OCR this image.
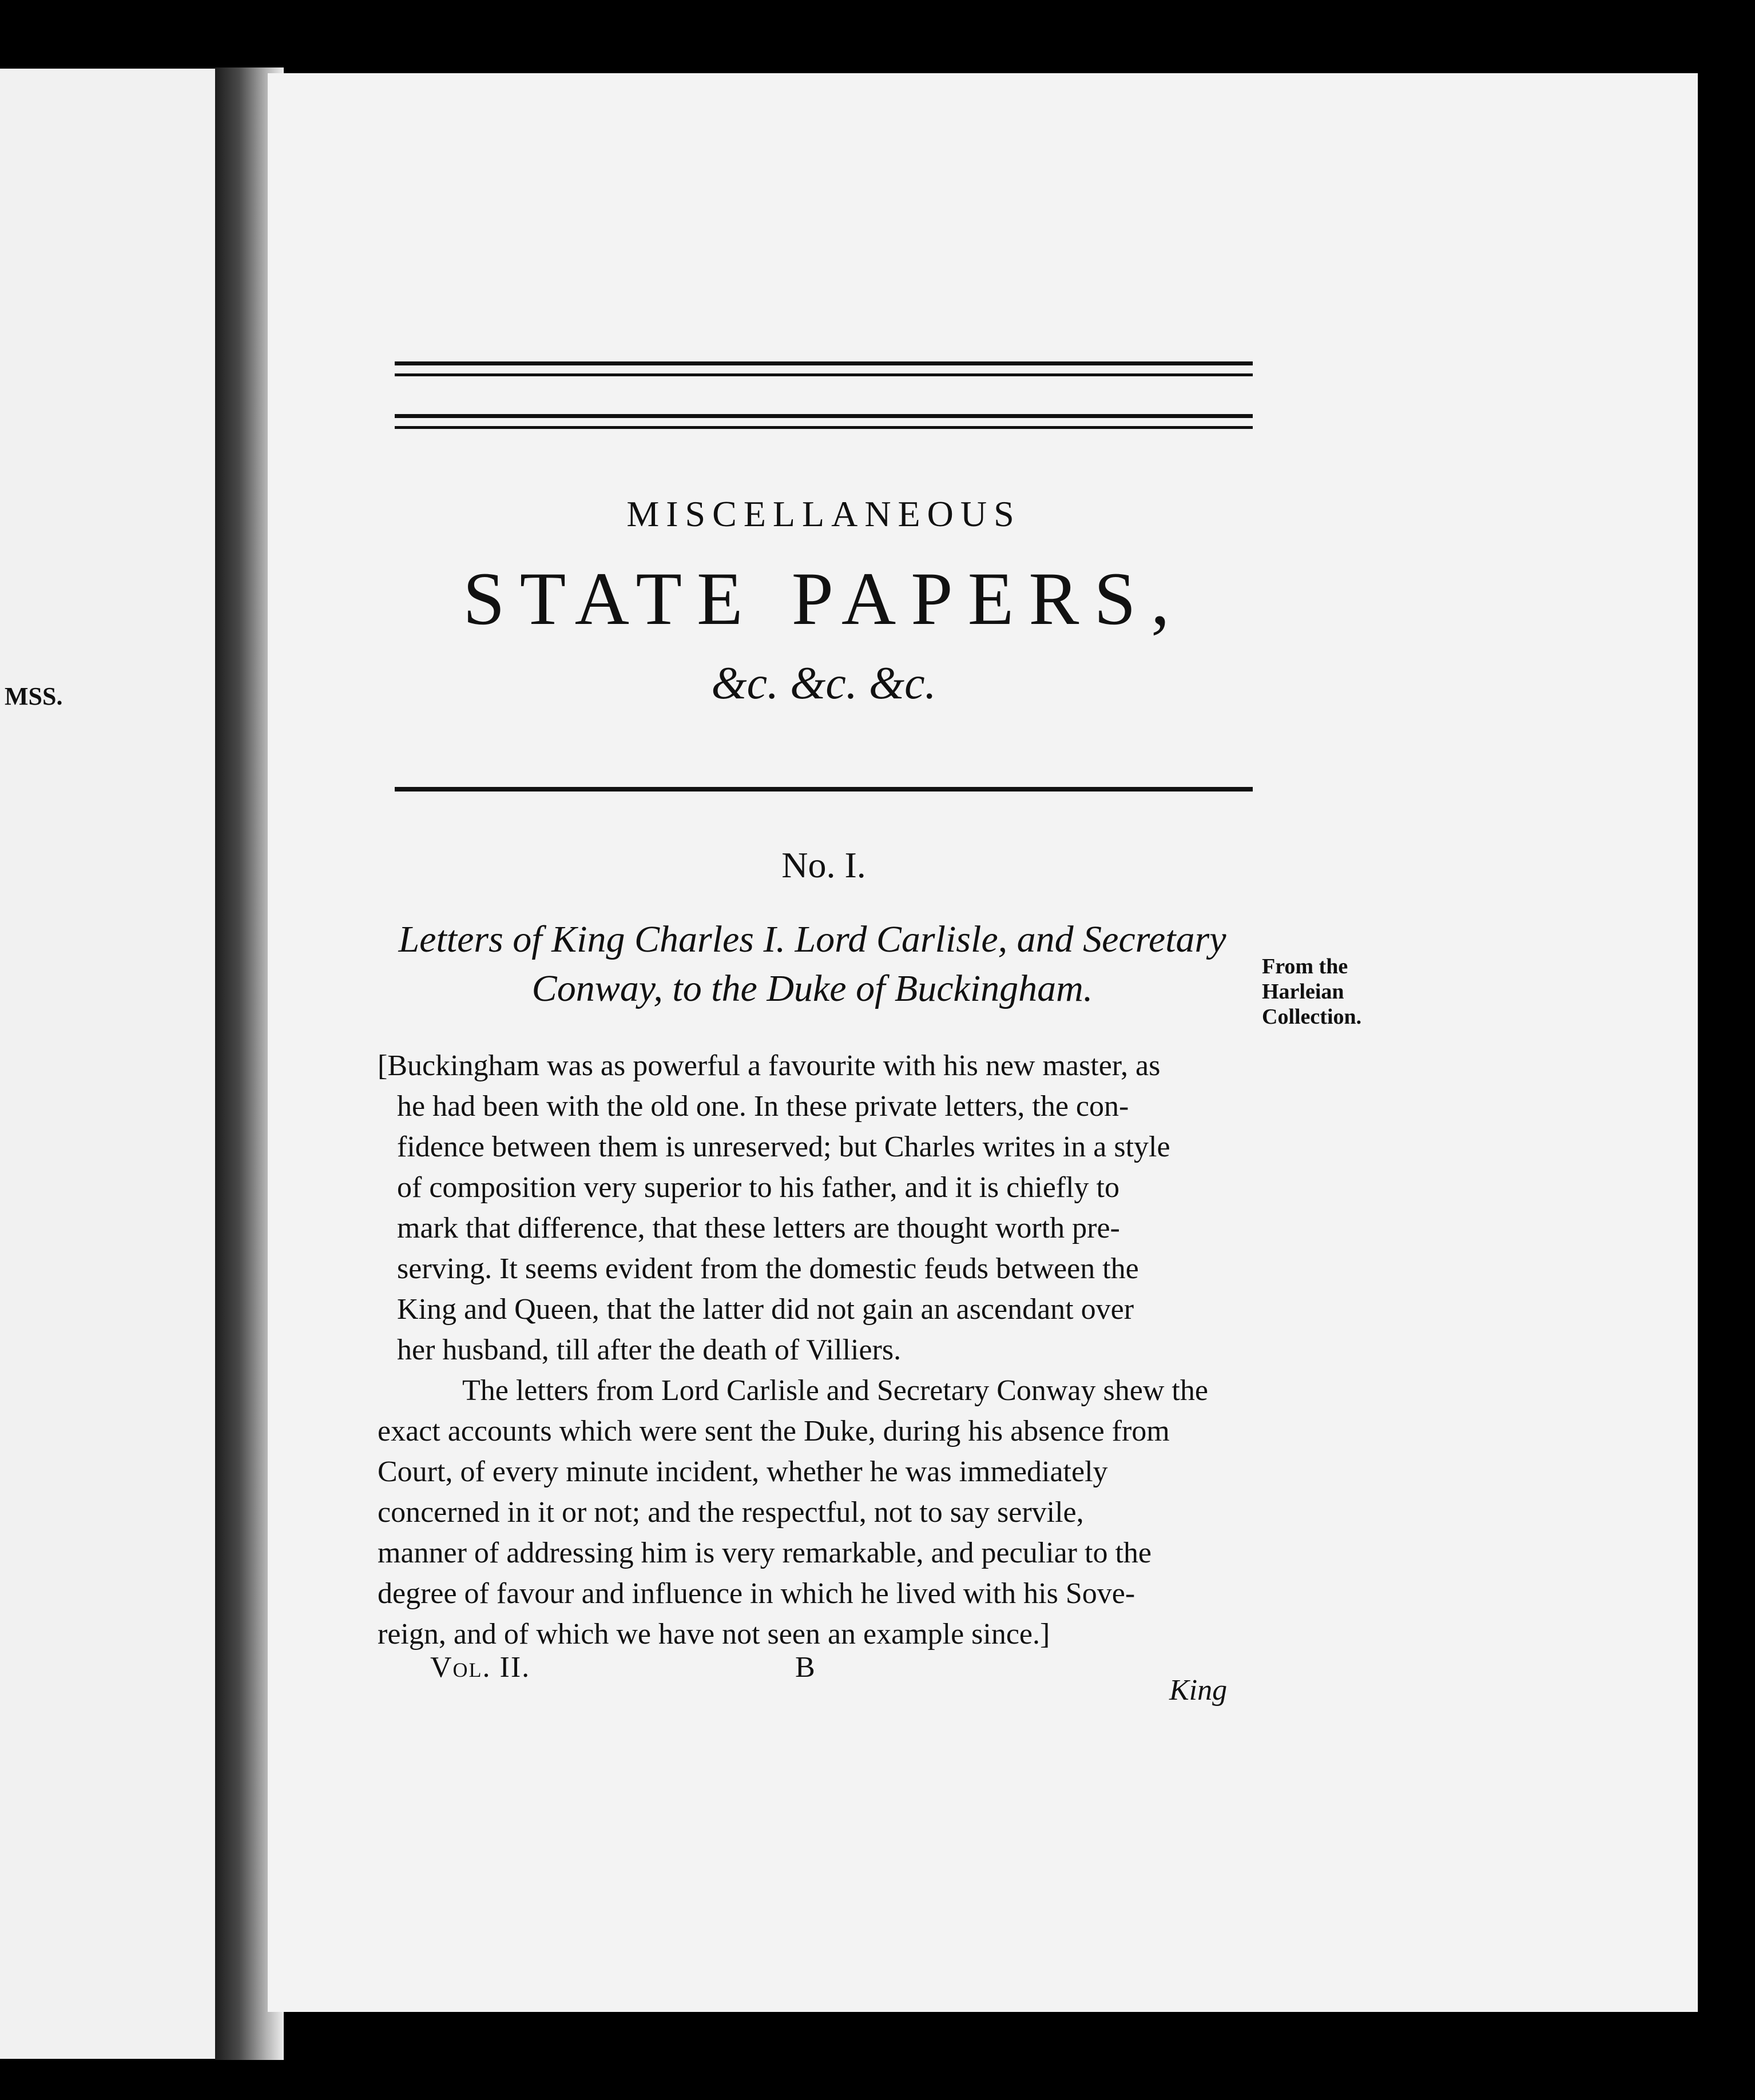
MSS.
MISCELLANEOUS
STATE PAPERS,
&c. &c. &c.
No. I.
Letters of King Charles I. Lord Carlisle, and Secretary
Conway, to the Duke of Buckingham.
From the
Harleian
Collection.
[Buckingham was as powerful a favourite with his new master, as
he had been with the old one. In these private letters, the con-
fidence between them is unreserved; but Charles writes in a style
of composition very superior to his father, and it is chiefly to
mark that difference, that these letters are thought worth pre-
serving. It seems evident from the domestic feuds between the
King and Queen, that the latter did not gain an ascendant over
her husband, till after the death of Villiers.
The letters from Lord Carlisle and Secretary Conway shew the
exact accounts which were sent the Duke, during his absence from
Court, of every minute incident, whether he was immediately
concerned in it or not; and the respectful, not to say servile,
manner of addressing him is very remarkable, and peculiar to the
degree of favour and influence in which he lived with his Sove-
reign, and of which we have not seen an example since.]
Vol. II.	B
King
